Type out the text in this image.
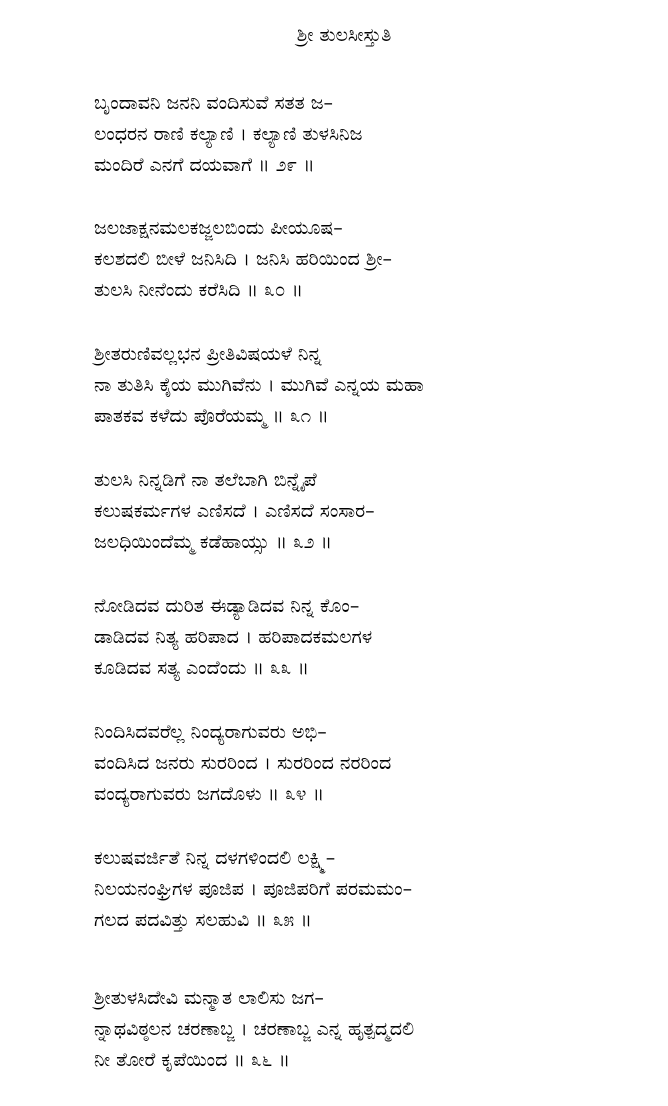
ಶ್ರೀ ತುಲಸೀಸ್ತುತಿ
ಬೃಂದಾವನಿ ಜನನಿ ವಂದಿಸುವೆ ಸತತ ಜ–
ಲಂಧರನ ರಾಣಿ ಕಲ್ಯಾಣಿ । ಕಲ್ಯಾಣಿ ತುಳಸಿನಿಜ
ಮಂದಿರೆ ಎನಗೆ ದಯವಾಗೆ ॥ ೨೯ ॥
ಜಲಜಾಕ್ಷನಮಲಕಜ್ಜಲಬಿಂದು ಪೀಯೂಷ–
ಕಲಶದಲಿ ಬೀಳೆ ಜನಿಸಿದಿ । ಜನಿಸಿ ಹರಿಯಿಂದ ಶ್ರೀ–
ತುಲಸಿ ನೀನೆಂದು ಕರೆಸಿದಿ ॥ ೩೦ ॥
ಶ್ರೀತರುಣಿವಲ್ಲಭನ ಪ್ರೀತಿವಿಷಯಳೆ ನಿನ್ನ
ನಾ ತುತಿಸಿ ಕೈಯ ಮುಗಿವೆನು । ಮುಗಿವೆ ಎನ್ನಯ ಮಹಾ
ಪಾತಕವ ಕಳೆದು ಪೊರೆಯಮ್ಮ ॥ ೩೧ ॥
ತುಲಸಿ ನಿನ್ನಡಿಗೆ ನಾ ತಲೆಬಾಗಿ ಬಿನ್ನೈಪೆ
ಕಲುಷಕರ್ಮಗಳ ಎಣಿಸದೆ । ಎಣಿಸದೆ ಸಂಸಾರ–
ಜಲಧಿಯಿಂದೆಮ್ಮ ಕಡೆಹಾಯ್ಸು ॥ ೩೨ ॥
ನೋಡಿದವ ದುರಿತ ಈಡ್ಯಾಡಿದವ ನಿನ್ನ ಕೊಂ–
ಡಾಡಿದವ ನಿತ್ಯ ಹರಿಪಾದ । ಹರಿಪಾದಕಮಲಗಳ
ಕೂಡಿದವ ಸತ್ಯ ಎಂದೆಂದು ॥ ೩೩ ॥
ನಿಂದಿಸಿದವರೆಲ್ಲ ನಿಂದ್ಯರಾಗುವರು ಅಭಿ–
ವಂದಿಸಿದ ಜನರು ಸುರರಿಂದ । ಸುರರಿಂದ ನರರಿಂದ
ವಂದ್ಯರಾಗುವರು ಜಗದೊಳು ॥ ೩೪ ॥
ಕಲುಷವರ್ಜಿತೆ ನಿನ್ನ ದಳಗಳಿಂದಲಿ ಲಕ್ಷ್ಮಿ–
ನಿಲಯನಂಘ್ರಿಗಳ ಪೂಜಿಪ । ಪೂಜಿಪರಿಗೆ ಪರಮಮಂ–
ಗಲದ ಪದವಿತ್ತು ಸಲಹುವಿ ॥ ೩೫ ॥
ಶ್ರೀತುಳಸಿದೇವಿ ಮನ್ಮಾತ ಲಾಲಿಸು ಜಗ–
ನ್ನಾಥವಿಠ್ಠಲನ ಚರಣಾಬ್ಜ । ಚರಣಾಬ್ಜ ಎನ್ನ ಹೃತ್ಪದ್ಮದಲಿ
ನೀ ತೋರೆ ಕೃಪೆಯಿಂದ ॥ ೩೬ ॥
